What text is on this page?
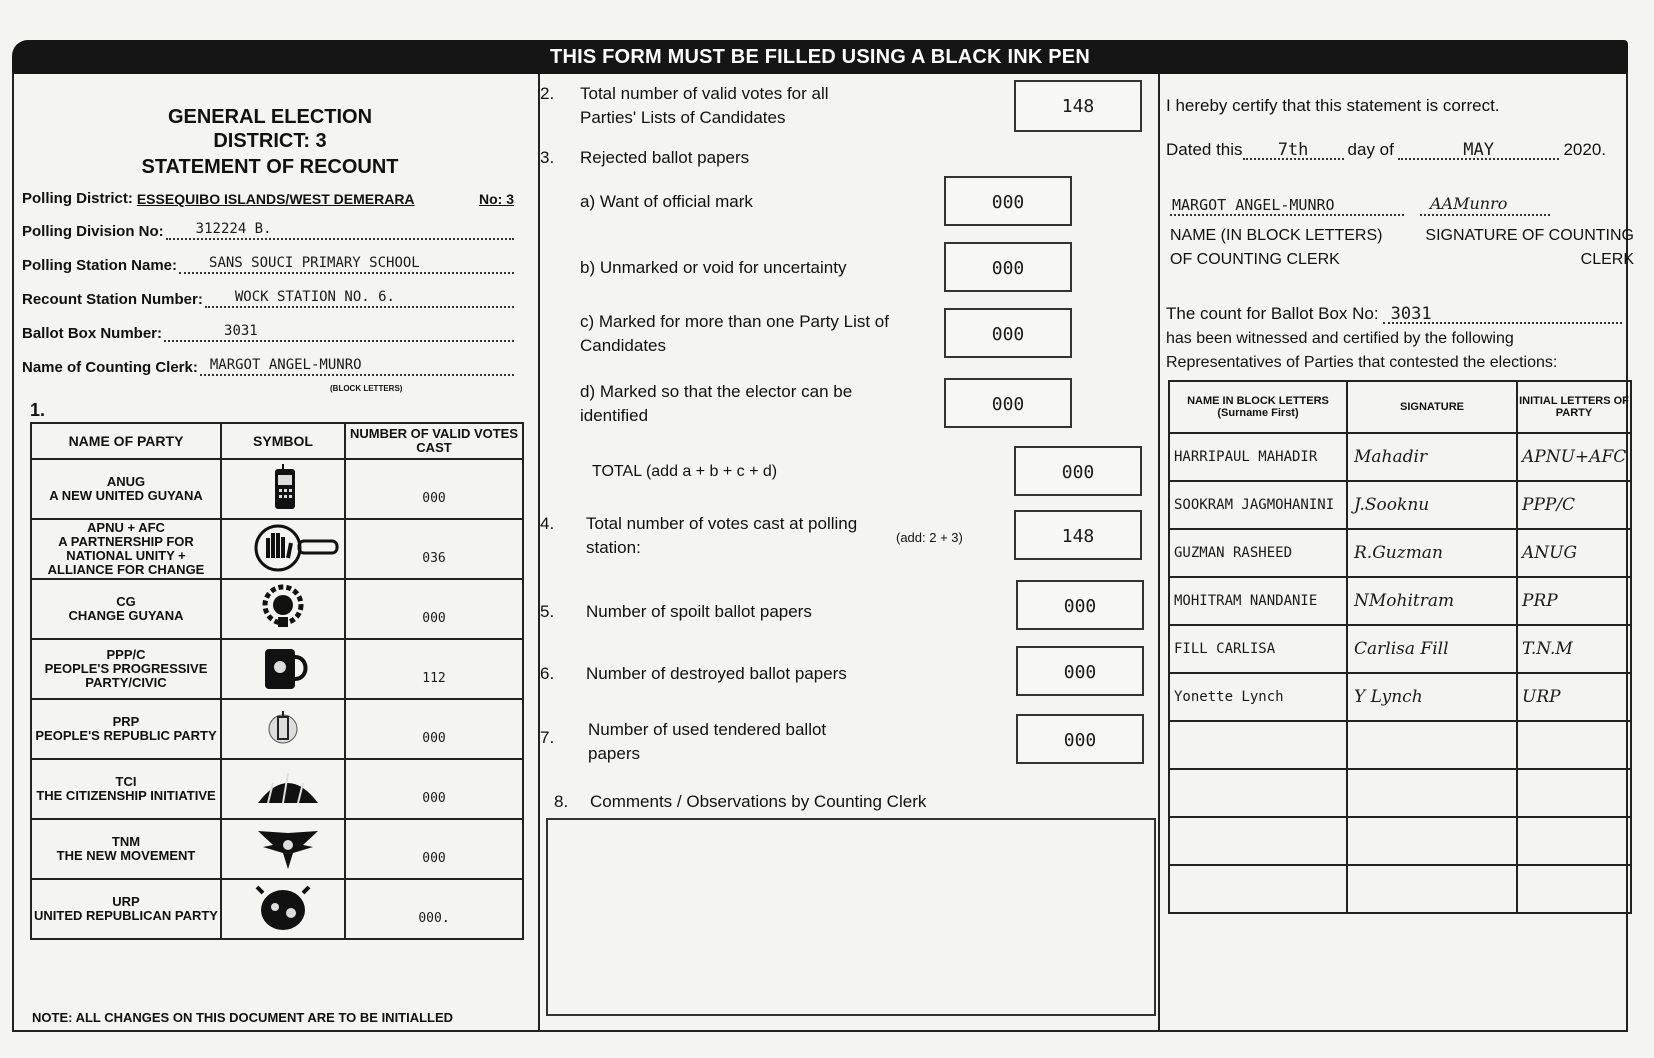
THIS FORM MUST BE FILLED USING A BLACK INK PEN
GENERAL ELECTION
DISTRICT: 3
STATEMENT OF RECOUNT
Polling District: ESSEQUIBO ISLANDS/WEST DEMERARA	No: 3
Polling Division No: 312224 B.
Polling Station Name: SANS SOUCI PRIMARY SCHOOL
Recount Station Number: WOCK STATION NO. 6.
Ballot Box Number:	3031
Name of Counting Clerk: MARGOT ANGEL-MUNRO
(BLOCK LETTERS)
1.
NAME OF PARTY	SYMBOL	NUMBER OF VALID VOTES CAST

ANUG
A NEW UNITED GUYANA		000

APNU + AFC
A PARTNERSHIP FOR NATIONAL UNITY + ALLIANCE FOR CHANGE		036

CG
CHANGE GUYANA		000

PPP/C
PEOPLE'S PROGRESSIVE PARTY/CIVIC		112

PRP
PEOPLE'S REPUBLIC PARTY		000

TCI
THE CITIZENSHIP INITIATIVE		000

TNM
THE NEW MOVEMENT		000

URP
UNITED REPUBLICAN PARTY		000.
NOTE: ALL CHANGES ON THIS DOCUMENT ARE TO BE INITIALLED
2. Total number of valid votes for all Parties' Lists of Candidates
148
3. Rejected ballot papers
a) Want of official mark	000
b) Unmarked or void for uncertainty	000
c) Marked for more than one Party List of Candidates
000
d) Marked so that the elector can be identified
000
TOTAL (add a + b + c + d)	000
4. Total number of votes cast at polling station:
(add: 2 + 3)	148
5. Number of spoilt ballot papers	000
6. Number of destroyed ballot papers	000
7. Number of used tendered ballot papers
000
8. Comments / Observations by Counting Clerk
I hereby certify that this statement is correct.
Dated this	7th	day of	MAY	2020.
MARGOT ANGEL-MUNRO	AAMunro
NAME (IN BLOCK LETTERS) OF COUNTING CLERK
SIGNATURE OF COUNTING CLERK
The count for Ballot Box No: 3031
has been witnessed and certified by the following
Representatives of Parties that contested the elections:
NAME IN BLOCK LETTERS (Surname First)	SIGNATURE	INITIAL LETTERS OF PARTY
HARRIPAUL MAHADIR	Mahadir	APNU+AFC
SOOKRAM JAGMOHANINI	J.Sooknu	PPP/C
GUZMAN RASHEED	R.Guzman	ANUG
MOHITRAM NANDANIE	NMohitram	PRP
FILL CARLISA	Carlisa Fill	T.N.M
Yonette Lynch	Y Lynch	URP
